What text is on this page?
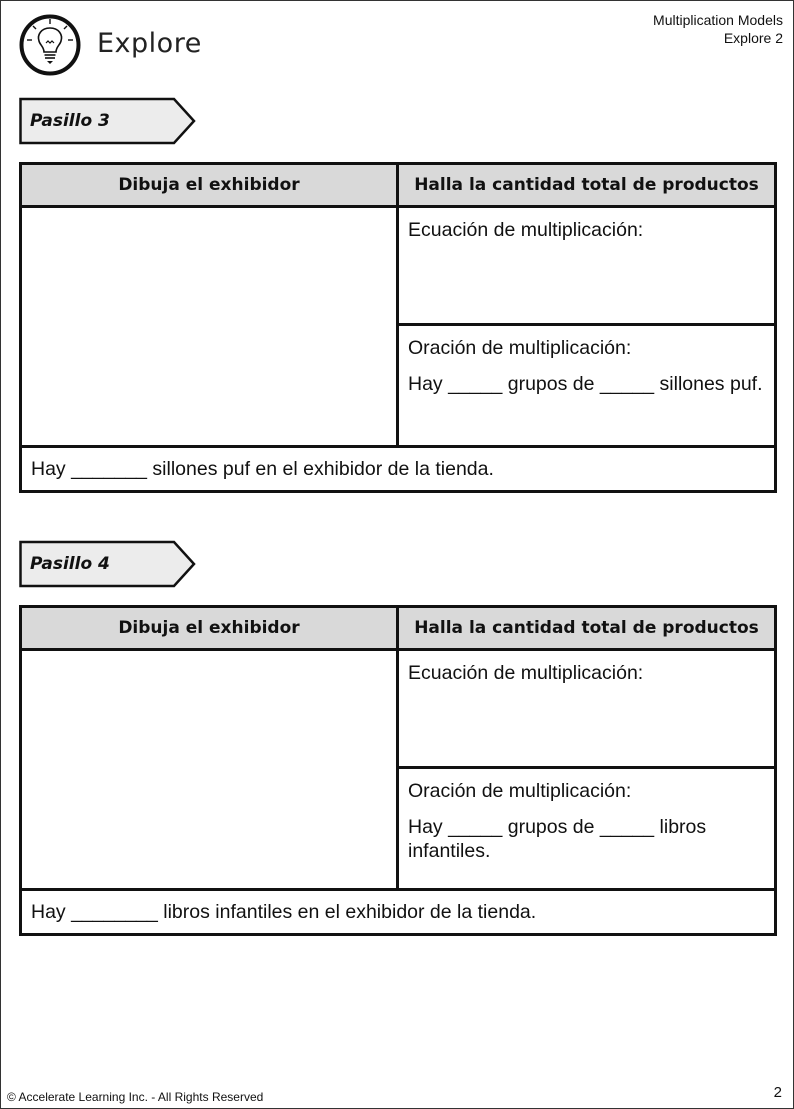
Explore
Multiplication Models
Explore 2
Pasillo 3
Dibuja el exhibidor	Halla la cantidad total de productos

	Ecuación de multiplicación:

	Oración de multiplicación:
Hay _____ grupos de _____ sillones puf.

Hay _______ sillones puf en el exhibidor de la tienda.	
Pasillo 4
Dibuja el exhibidor	Halla la cantidad total de productos

	Ecuación de multiplicación:

	Oración de multiplicación:
Hay _____ grupos de _____ libros infantiles.

Hay ________ libros infantiles en el exhibidor de la tienda.	
© Accelerate Learning Inc. - All Rights Reserved	2
